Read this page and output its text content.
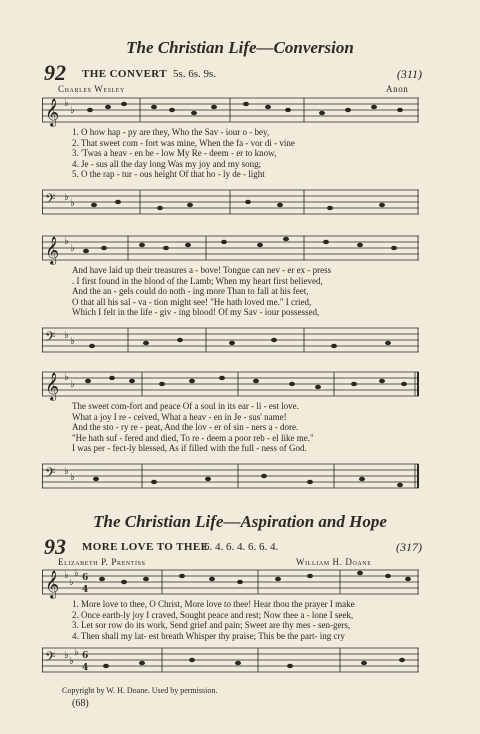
The Christian Life—Conversion
92 THE CONVERT 5s. 6s. 9s.	(311)
Charles Wesley	Anon
𝄞 ♭
♭
1. O how hap - py are they, Who the Sav - iour o - bey,
2. That sweet com - fort was mine, When the fa - vor di - vine
3. 'Twas a heav - en be - low My Re - deem - er to know,
4. Je - sus all the day long Was my joy and my song;
5. O the rap - tur - ous height Of that ho - ly de - light
𝄢 ♭
♭
𝄞 ♭
♭
And have laid up their treasures a - bove! Tongue can nev - er ex - press
. I first found in the blood of the Lamb; When my heart first believed,
And the an - gels could do noth - ing more Than to fall at his feet,
O that all his sal - va - tion might see! "He hath loved me." I cried,
Which I felt in the life - giv - ing blood! Of my Sav - iour possessed,
𝄢 ♭
♭
𝄞 ♭
♭
The sweet com-fort and peace Of a soul in its ear - li - est love.
What a joy I re - ceived, What a heav - en in Je - sus' name!
And the sto - ry re - peat, And the lov - er of sin - ners a - dore.
"He hath suf - fered and died, To re - deem a poor reb - el like me."
I was per - fect-ly blessed, As if filled with the full - ness of God.
𝄢 ♭
♭
The Christian Life—Aspiration and Hope
93 MORE LOVE TO THEE
6. 4. 6. 4. 6. 6. 4.	(317)
Elizabeth P. Prentiss	William H. Doane
𝄞 ♭
♭
♭ 6
4
1. More love to thee, O Christ, More love to thee! Hear thou the prayer I make
2. Once earth-ly joy I craved, Sought peace and rest; Now thee a - lone I seek,
3. Let sor row do its work, Send grief and pain; Sweet are thy mes - sen-gers,
4. Then shall my lat- est breath Whisper thy praise; This be the part- ing cry
𝄢 ♭
♭
♭ 6
4
Copyright by W. H. Doane. Used by permission.
(68)
